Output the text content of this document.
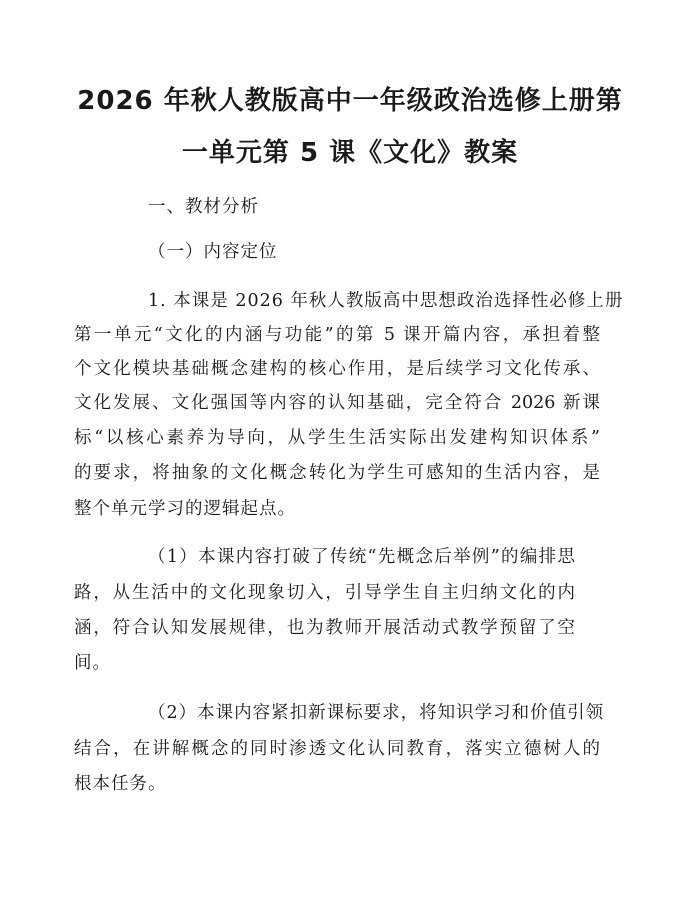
2026 年秋人教版高中一年级政治选修上册第
一单元第 5 课《文化》教案
一、教材分析
（一）内容定位
1. 本课是 2026 年秋人教版高中思想政治选择性必修上册
第一单元“文化的内涵与功能”的第 5 课开篇内容，承担着整
个文化模块基础概念建构的核心作用，是后续学习文化传承、
文化发展、文化强国等内容的认知基础，完全符合 2026 新课
标“以核心素养为导向，从学生生活实际出发建构知识体系”
的要求，将抽象的文化概念转化为学生可感知的生活内容，是
整个单元学习的逻辑起点。
（1）本课内容打破了传统“先概念后举例”的编排思
路，从生活中的文化现象切入，引导学生自主归纳文化的内
涵，符合认知发展规律，也为教师开展活动式教学预留了空
间。
（2）本课内容紧扣新课标要求，将知识学习和价值引领
结合，在讲解概念的同时渗透文化认同教育，落实立德树人的
根本任务。
